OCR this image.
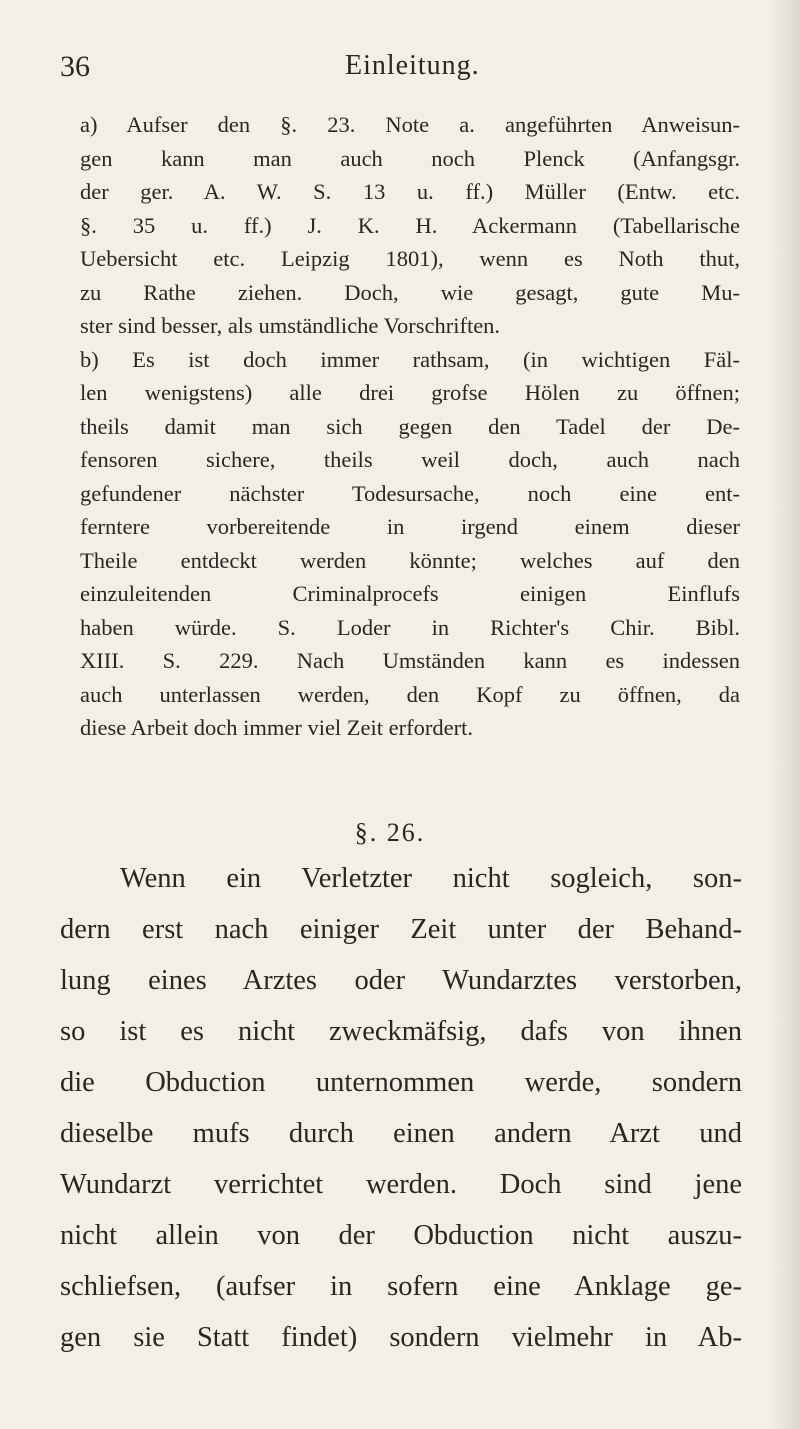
36	Einleitung.
a) Aufser den §. 23. Note a. angeführten Anweisun-
gen kann man auch noch Plenck (Anfangsgr.
der ger. A. W. S. 13 u. ff.) Müller (Entw. etc.
§. 35 u. ff.) J. K. H. Ackermann (Tabellarische
Uebersicht etc. Leipzig 1801), wenn es Noth thut,
zu Rathe ziehen. Doch, wie gesagt, gute Mu-
ster sind besser, als umständliche Vorschriften.
b) Es ist doch immer rathsam, (in wichtigen Fäl-
len wenigstens) alle drei grofse Hölen zu öffnen;
theils damit man sich gegen den Tadel der De-
fensoren sichere, theils weil doch, auch nach
gefundener nächster Todesursache, noch eine ent-
ferntere vorbereitende in irgend einem dieser
Theile entdeckt werden könnte; welches auf den
einzuleitenden Criminalprocefs einigen Einflufs
haben würde. S. Loder in Richter's Chir. Bibl.
XIII. S. 229. Nach Umständen kann es indessen
auch unterlassen werden, den Kopf zu öffnen, da
diese Arbeit doch immer viel Zeit erfordert.
§. 26.
Wenn ein Verletzter nicht sogleich, son-
dern erst nach einiger Zeit unter der Behand-
lung eines Arztes oder Wundarztes verstorben,
so ist es nicht zweckmäfsig, dafs von ihnen
die Obduction unternommen werde, sondern
dieselbe mufs durch einen andern Arzt und
Wundarzt verrichtet werden. Doch sind jene
nicht allein von der Obduction nicht auszu-
schliefsen, (aufser in sofern eine Anklage ge-
gen sie Statt findet) sondern vielmehr in Ab-
